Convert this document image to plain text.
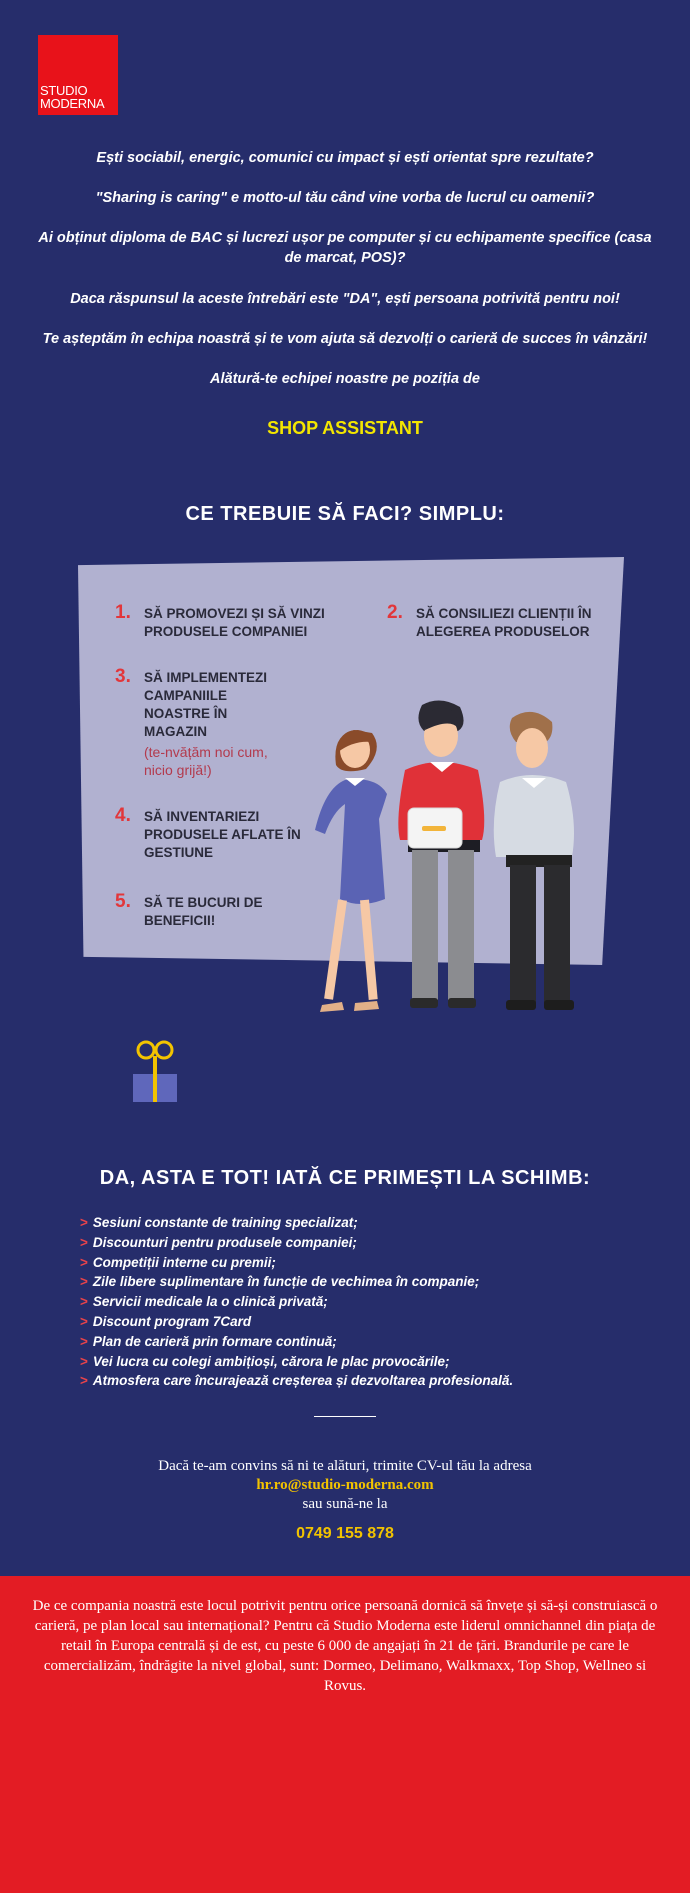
STUDIO
MODERNA

Ești sociabil, energic, comunici cu impact și ești orientat spre rezultate?

"Sharing is caring" e motto-ul tău când vine vorba de lucrul cu oamenii?

Ai obținut diploma de BAC și lucrezi ușor pe computer și cu echipamente specifice (casa de marcat, POS)?

Daca răspunsul la aceste întrebări este "DA", ești persoana potrivită pentru noi!

Te așteptăm în echipa noastră și te vom ajuta să dezvolți o carieră de succes în vânzări!

Alătură-te echipei noastre pe poziția de

SHOP ASSISTANT
CE TREBUIE SĂ FACI? SIMPLU:
1. SĂ PROMOVEZI ȘI SĂ VINZI PRODUSELE COMPANIEI
2. SĂ CONSILIEZI CLIENȚII ÎN ALEGEREA PRODUSELOR
3. SĂ IMPLEMENTEZI CAMPANIILE NOASTRE ÎN MAGAZIN
(te-nvățăm noi cum, nicio grijă!)
4. SĂ INVENTARIEZI PRODUSELE AFLATE ÎN GESTIUNE
5. SĂ TE BUCURI DE BENEFICII!
DA, ASTA E TOT! IATĂ CE PRIMEȘTI LA SCHIMB:
> Sesiuni constante de training specializat;
> Discounturi pentru produsele companiei;
> Competiții interne cu premii;
> Zile libere suplimentare în funcție de vechimea în companie;
> Servicii medicale la o clinică privată;
> Discount program 7Card
> Plan de carieră prin formare continuă;
> Vei lucra cu colegi ambițioși, cărora le plac provocările;
> Atmosfera care încurajează creșterea și dezvoltarea profesională.
Dacă te-am convins să ni te alături, trimite CV-ul tău la adresa
hr.ro@studio-moderna.com
sau sună-ne la
0749 155 878

De ce compania noastră este locul potrivit pentru orice persoană dornică să învețe și să-și construiască o carieră, pe plan local sau internațional? Pentru că Studio Moderna este liderul omnichannel din piața de retail în Europa centrală și de est, cu peste 6 000 de angajați în 21 de țări. Brandurile pe care le comercializăm, îndrăgite la nivel global, sunt: Dormeo, Delimano, Walkmaxx, Top Shop, Wellneo si Rovus.
